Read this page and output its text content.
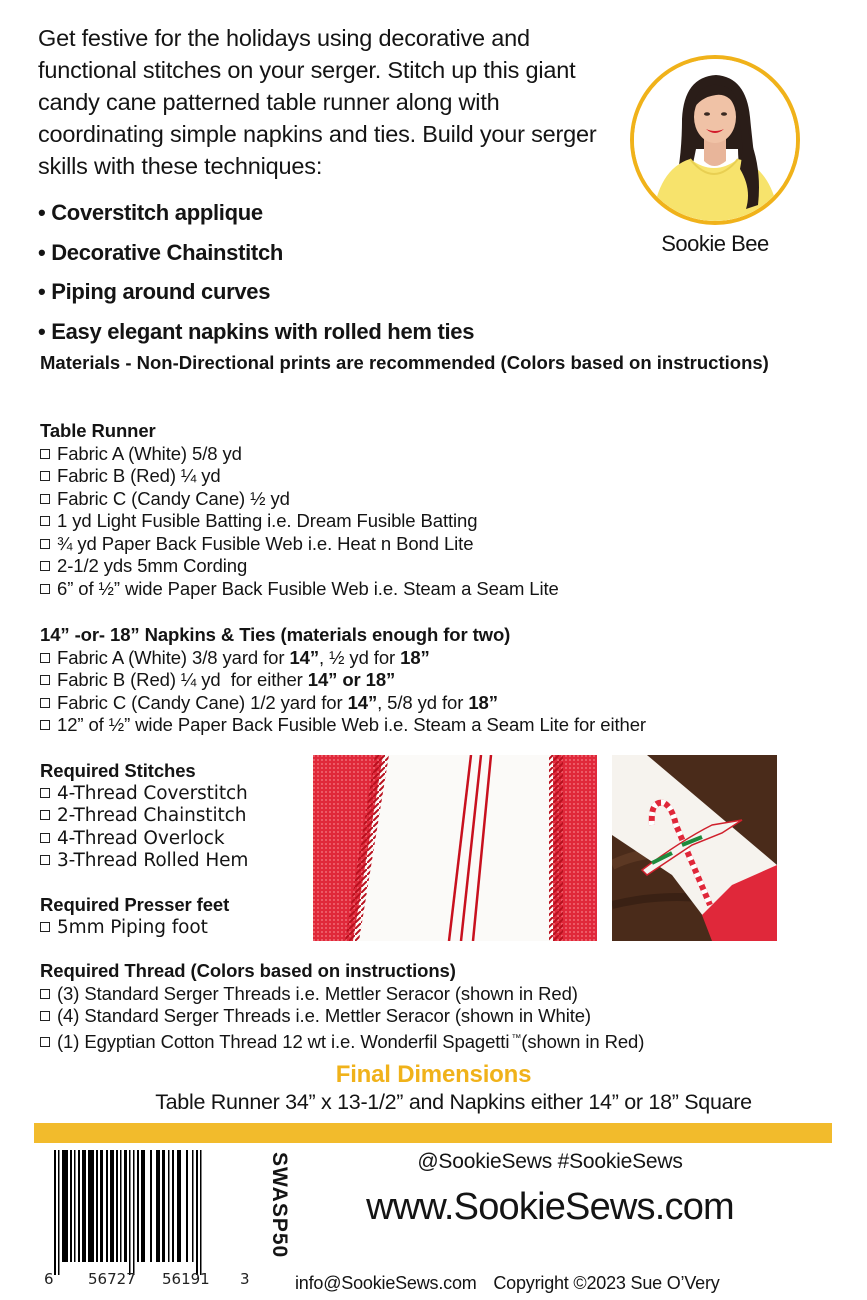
Get festive for the holidays using decorative and functional stitches on your serger. Stitch up this giant candy cane patterned table runner along with coordinating simple napkins and ties. Build your serger skills with these techniques:

• Coverstitch applique
• Decorative Chainstitch
• Piping around curves
• Easy elegant napkins with rolled hem ties
Sookie Bee
Materials - Non-Directional prints are recommended (Colors based on instructions)
Table Runner
Fabric A (White) 5/8 yd
Fabric B (Red) ¼ yd
Fabric C (Candy Cane) ½ yd
1 yd Light Fusible Batting i.e. Dream Fusible Batting
¾ yd Paper Back Fusible Web i.e. Heat n Bond Lite
2-1/2 yds 5mm Cording
6” of ½” wide Paper Back Fusible Web i.e. Steam a Seam Lite
14” -or- 18” Napkins & Ties (materials enough for two)
Fabric A (White) 3/8 yard for 14”, ½ yd for 18”
Fabric B (Red) ¼ yd  for either 14” or 18”
Fabric C (Candy Cane) 1/2 yard for 14”, 5/8 yd for 18”
12” of ½” wide Paper Back Fusible Web i.e. Steam a Seam Lite for either
Required Stitches
4-Thread Coverstitch
2-Thread Chainstitch
4-Thread Overlock
3-Thread Rolled Hem
Required Presser feet
5mm Piping foot
Required Thread (Colors based on instructions)
(3) Standard Serger Threads i.e. Mettler Seracor (shown in Red)
(4) Standard Serger Threads i.e. Mettler Seracor (shown in White)
(1) Egyptian Cotton Thread 12 wt i.e. Wonderfil Spagetti ™(shown in Red)
Final Dimensions
Table Runner 34” x 13-1/2” and Napkins either 14” or 18” Square
6 56727 56191 3
SWASP50	@SookieSews #SookieSews
www.SookieSews.com
info@SookieSews.com Copyright ©2023 Sue O’Very
